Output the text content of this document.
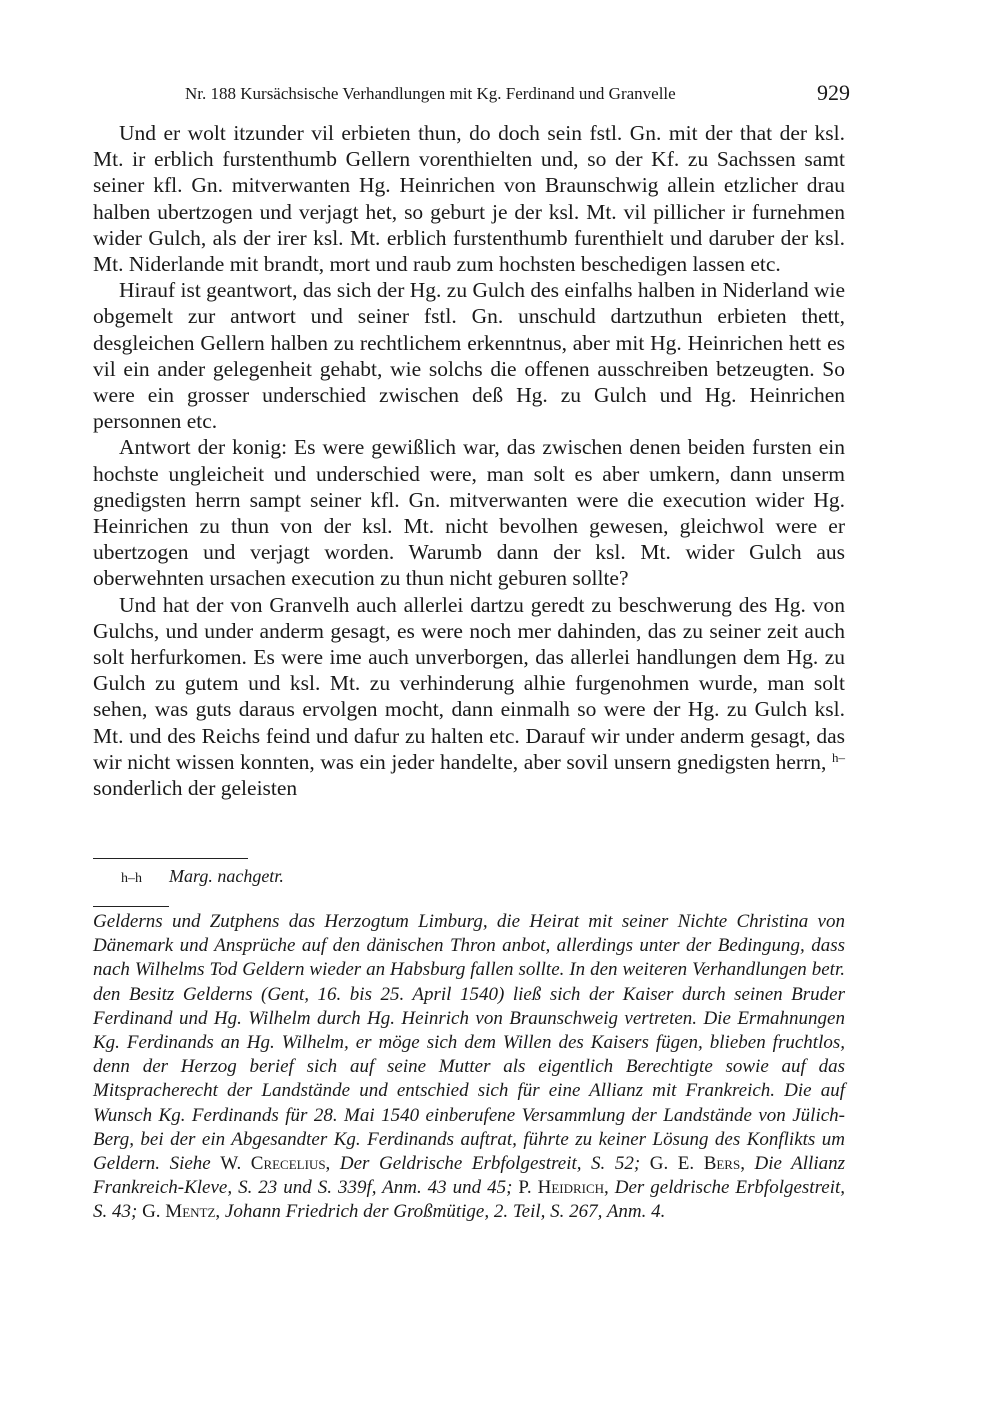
Nr. 188 Kursächsische Verhandlungen mit Kg. Ferdinand und Granvelle	929

Und er wolt itzunder vil erbieten thun, do doch sein fstl. Gn. mit der that der ksl. Mt. ir erblich furstenthumb Gellern vorenthielten und, so der Kf. zu Sachssen samt seiner kfl. Gn. mitverwanten Hg. Heinrichen von Braunschwig allein etzlicher drau halben ubertzogen und verjagt het, so geburt je der ksl. Mt. vil pillicher ir furnehmen wider Gulch, als der irer ksl. Mt. erblich furstenthumb furenthielt und daruber der ksl. Mt. Niderlande mit brandt, mort und raub zum hochsten beschedigen lassen etc.

Hirauf ist geantwort, das sich der Hg. zu Gulch des einfalhs halben in Niderland wie obgemelt zur antwort und seiner fstl. Gn. unschuld dartzuthun erbieten thett, desgleichen Gellern halben zu rechtlichem erkenntnus, aber mit Hg. Heinrichen hett es vil ein ander gelegenheit gehabt, wie solchs die offenen ausschreiben betzeugten. So were ein grosser underschied zwischen deß Hg. zu Gulch und Hg. Heinrichen personnen etc.

Antwort der konig: Es were gewißlich war, das zwischen denen beiden fursten ein hochste ungleicheit und underschied were, man solt es aber umkern, dann unserm gnedigsten herrn sampt seiner kfl. Gn. mitverwanten were die execution wider Hg. Heinrichen zu thun von der ksl. Mt. nicht bevolhen gewesen, gleichwol were er ubertzogen und verjagt worden. Warumb dann der ksl. Mt. wider Gulch aus oberwehnten ursachen execution zu thun nicht geburen sollte?

Und hat der von Granvelh auch allerlei dartzu geredt zu beschwerung des Hg. von Gulchs, und under anderm gesagt, es were noch mer dahinden, das zu seiner zeit auch solt herfurkomen. Es were ime auch unverborgen, das allerlei handlungen dem Hg. zu Gulch zu gutem und ksl. Mt. zu verhinderung alhie furgenohmen wurde, man solt sehen, was guts daraus ervolgen mocht, dann einmalh so were der Hg. zu Gulch ksl. Mt. und des Reichs feind und dafur zu halten etc. Darauf wir under anderm gesagt, das wir nicht wissen konnten, was ein jeder handelte, aber sovil unsern gnedigsten herrn, $^{h-}$sonderlich der geleisten

h–h Marg. nachgetr.
Gelderns und Zutphens das Herzogtum Limburg, die Heirat mit seiner Nichte Christina von Dänemark und Ansprüche auf den dänischen Thron anbot, allerdings unter der Bedingung, dass nach Wilhelms Tod Geldern wieder an Habsburg fallen sollte. In den weiteren Verhandlungen betr. den Besitz Gelderns (Gent, 16. bis 25. April 1540) ließ sich der Kaiser durch seinen Bruder Ferdinand und Hg. Wilhelm durch Hg. Heinrich von Braunschweig vertreten. Die Ermahnungen Kg. Ferdinands an Hg. Wilhelm, er möge sich dem Willen des Kaisers fügen, blieben fruchtlos, denn der Herzog berief sich auf seine Mutter als eigentlich Berechtigte sowie auf das Mitspracherecht der Landstände und entschied sich für eine Allianz mit Frankreich. Die auf Wunsch Kg. Ferdinands für 28. Mai 1540 einberufene Versammlung der Landstände von Jülich-Berg, bei der ein Abgesandter Kg. Ferdinands auftrat, führte zu keiner Lösung des Konflikts um Geldern. Siehe W. Crecelius, Der Geldrische Erbfolgestreit, S. 52; G. E. Bers, Die Allianz Frankreich-Kleve, S. 23 und S. 339f, Anm. 43 und 45; P. Heidrich, Der geldrische Erbfolgestreit, S. 43; G. Mentz, Johann Friedrich der Großmütige, 2. Teil, S. 267, Anm. 4.
